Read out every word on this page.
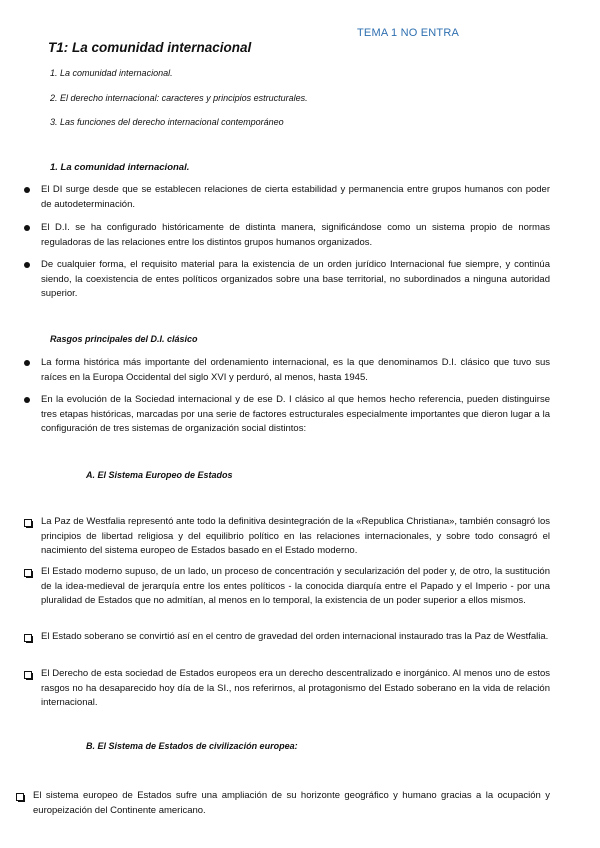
TEMA 1 NO ENTRA
T1: La comunidad internacional
1. La comunidad internacional.
2. El derecho internacional: caracteres y principios estructurales.
3. Las funciones del derecho internacional contemporáneo
1. La comunidad internacional.
El DI surge desde que se establecen relaciones de cierta estabilidad y permanencia entre grupos humanos con poder de autodeterminación.
El D.I. se ha configurado históricamente de distinta manera, significándose como un sistema propio de normas reguladoras de las relaciones entre los distintos grupos humanos organizados.
De cualquier forma, el requisito material para la existencia de un orden jurídico Internacional fue siempre, y continúa siendo, la coexistencia de entes políticos organizados sobre una base territorial, no subordinados a ninguna autoridad superior.
Rasgos principales del D.I. clásico
La forma histórica más importante del ordenamiento internacional, es la que denominamos D.I. clásico que tuvo sus raíces en la Europa Occidental del siglo XVI y perduró, al menos, hasta 1945.
En la evolución de la Sociedad internacional y de ese D. I clásico al que hemos hecho referencia, pueden distinguirse tres etapas históricas, marcadas por una serie de factores estructurales especialmente importantes que dieron lugar a la configuración de tres sistemas de organización social distintos:
A. El Sistema Europeo de Estados
La Paz de Westfalia representó ante todo la definitiva desintegración de la «Republica Christiana», también consagró los principios de libertad religiosa y del equilibrio político en las relaciones internacionales, y sobre todo consagró el nacimiento del sistema europeo de Estados basado en el Estado moderno.
El Estado moderno supuso, de un lado, un proceso de concentración y secularización del poder y, de otro, la sustitución de la idea-medieval de jerarquía entre los entes políticos - la conocida diarquía entre el Papado y el Imperio - por una pluralidad de Estados que no admitían, al menos en lo temporal, la existencia de un poder superior a ellos mismos.
El Estado soberano se convirtió así en el centro de gravedad del orden internacional instaurado tras la Paz de Westfalia.
El Derecho de esta sociedad de Estados europeos era un derecho descentralizado e inorgánico. Al menos uno de estos rasgos no ha desaparecido hoy día de la SI., nos referirnos, al protagonismo del Estado soberano en la vida de relación internacional.
B. El Sistema de Estados de civilización europea:
El sistema europeo de Estados sufre una ampliación de su horizonte geográfico y humano gracias a la ocupación y europeización del Continente americano.
